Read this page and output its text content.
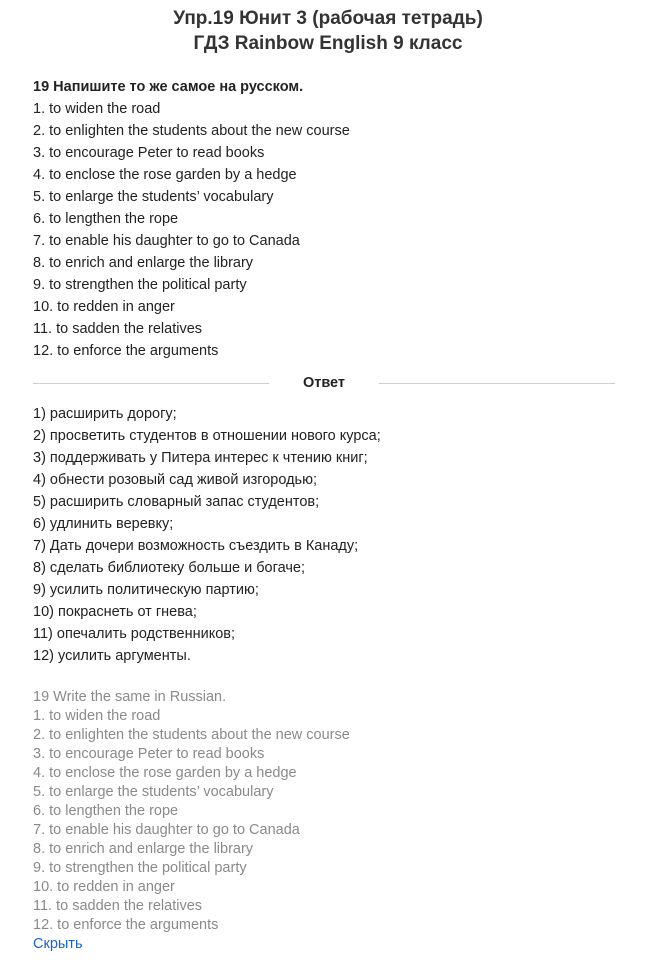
Упр.19 Юнит 3 (рабочая тетрадь)
ГДЗ Rainbow English 9 класс
19 Напишите то же самое на русском.
1. to widen the road
2. to enlighten the students about the new course
3. to encourage Peter to read books
4. to enclose the rose garden by a hedge
5. to enlarge the students’ vocabulary
6. to lengthen the rope
7. to enable his daughter to go to Canada
8. to enrich and enlarge the library
9. to strengthen the political party
10. to redden in anger
11. to sadden the relatives
12. to enforce the arguments
Ответ
1) расширить дорогу;
2) просветить студентов в отношении нового курса;
3) поддерживать у Питера интерес к чтению книг;
4) обнести розовый сад живой изгородью;
5) расширить словарный запас студентов;
6) удлинить веревку;
7) Дать дочери возможность съездить в Канаду;
8) сделать библиотеку больше и богаче;
9) усилить политическую партию;
10) покраснеть от гнева;
11) опечалить родственников;
12) усилить аргументы.
19 Write the same in Russian.
1. to widen the road
2. to enlighten the students about the new course
3. to encourage Peter to read books
4. to enclose the rose garden by a hedge
5. to enlarge the students’ vocabulary
6. to lengthen the rope
7. to enable his daughter to go to Canada
8. to enrich and enlarge the library
9. to strengthen the political party
10. to redden in anger
11. to sadden the relatives
12. to enforce the arguments
Скрыть
